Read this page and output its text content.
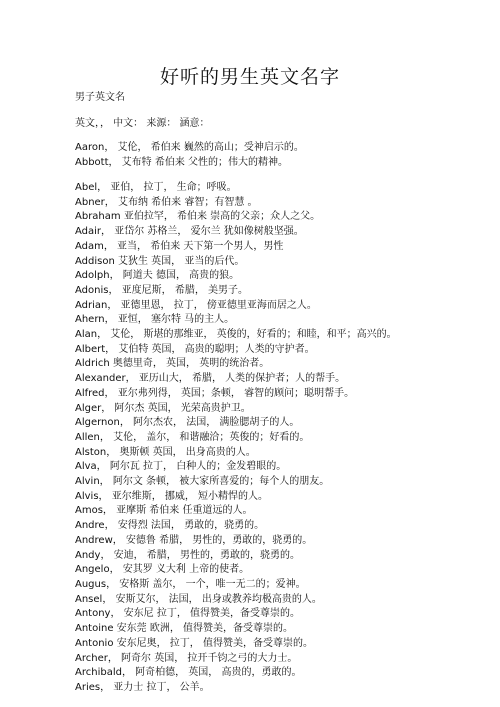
好听的男生英文名字
男子英文名
英文，， 中文： 来源： 涵意：
Aaron， 艾伦， 希伯来 巍然的高山；受神启示的。
Abbott， 艾布特 希伯来 父性的；伟大的精神。
Abel， 亚伯， 拉丁， 生命；呼吸。
Abner， 艾布纳 希伯来 睿智；有智慧 。
Abraham 亚伯拉罕， 希伯来 崇高的父亲；众人之父。
Adair， 亚岱尔 苏格兰， 爱尔兰 犹如像树般坚强。
Adam， 亚当， 希伯来 天下第一个男人，男性
Addison 艾狄生 英国， 亚当的后代。
Adolph， 阿道夫 德国， 高贵的狼。
Adonis， 亚度尼斯， 希腊， 美男子。
Adrian， 亚德里恩， 拉丁， 傍亚德里亚海而居之人。
Ahern， 亚恒， 塞尔特 马的主人。
Alan， 艾伦， 斯堪的那维亚， 英俊的，好看的；和睦，和平；高兴的。
Albert， 艾伯特 英国， 高贵的聪明；人类的守护者。
Aldrich 奥德里奇， 英国， 英明的统治者。
Alexander， 亚历山大， 希腊， 人类的保护者；人的帮手。
Alfred， 亚尔弗列得， 英国；条顿， 睿智的顾问；聪明帮手。
Alger， 阿尔杰 英国， 光荣高贵护卫。
Algernon， 阿尔杰农， 法国， 满脸腮胡子的人。
Allen， 艾伦， 盖尔， 和谐融洽；英俊的；好看的。
Alston， 奥斯顿 英国， 出身高贵的人。
Alva， 阿尔瓦 拉丁， 白种人的；金发碧眼的。
Alvin， 阿尔文 条顿， 被大家所喜爱的；每个人的朋友。
Alvis， 亚尔维斯， 挪威， 短小精悍的人。
Amos， 亚摩斯 希伯来 任重道远的人。
Andre， 安得烈 法国， 勇敢的，骁勇的。
Andrew， 安德鲁 希腊， 男性的，勇敢的，骁勇的。
Andy， 安迪， 希腊， 男性的，勇敢的，骁勇的。
Angelo， 安其罗 义大利 上帝的使者。
Augus， 安格斯 盖尔， 一个，唯一无二的；爱神。
Ansel， 安斯艾尔， 法国， 出身或教养均极高贵的人。
Antony， 安东尼 拉丁， 值得赞美，备受尊崇的。
Antoine 安东莞 欧洲， 值得赞美，备受尊崇的。
Antonio 安东尼奥， 拉丁， 值得赞美，备受尊崇的。
Archer， 阿奇尔 英国， 拉开千钧之弓的大力士。
Archibald， 阿奇柏德， 英国， 高贵的，勇敢的。
Aries， 亚力士 拉丁， 公羊。
